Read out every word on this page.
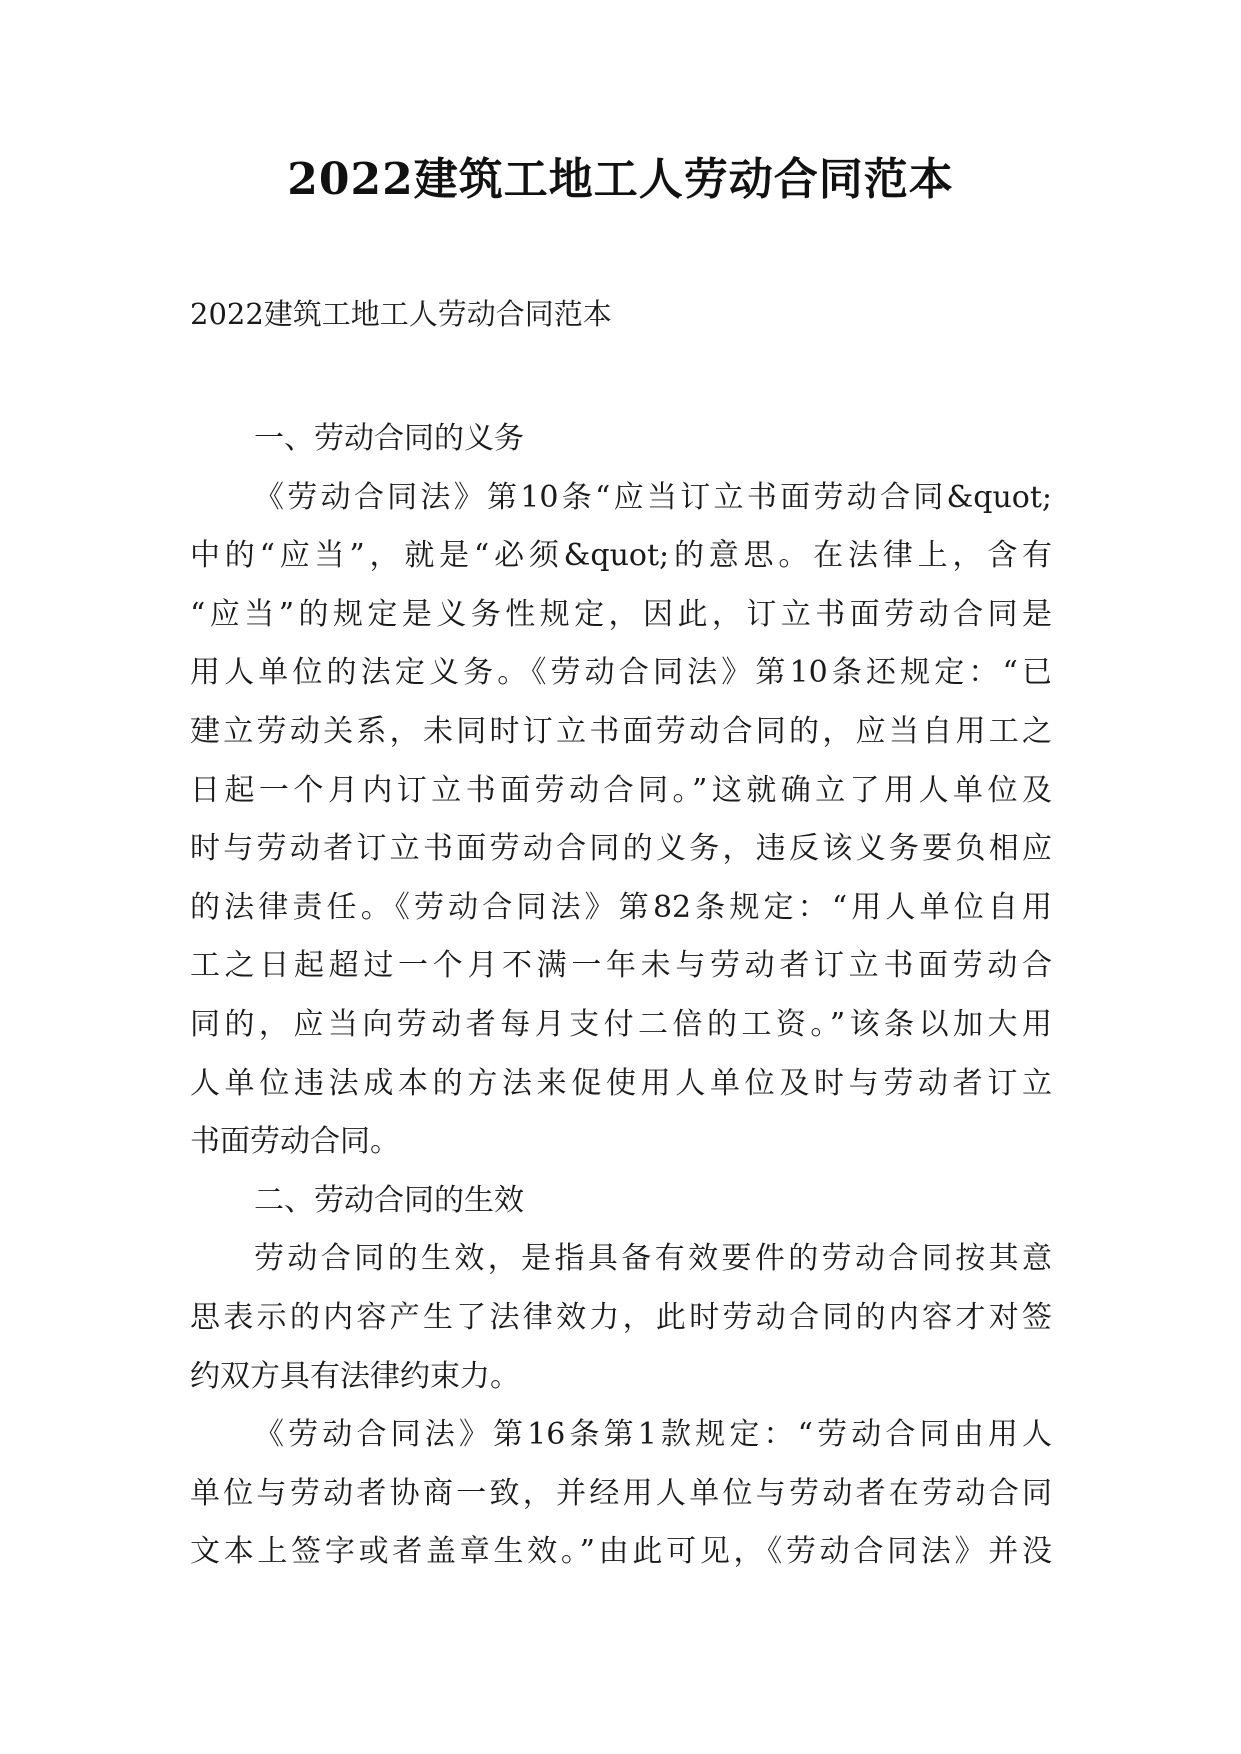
2022建筑工地工人劳动合同范本
2022建筑工地工人劳动合同范本
一、劳动合同的义务
《劳动合同法》第10条“应当订立书面劳动合同&quot;
中的“应当”，就是“必须&quot;的意思。在法律上，含有
“应当”的规定是义务性规定，因此，订立书面劳动合同是
用人单位的法定义务。《劳动合同法》第10条还规定：“已
建立劳动关系，未同时订立书面劳动合同的，应当自用工之
日起一个月内订立书面劳动合同。”这就确立了用人单位及
时与劳动者订立书面劳动合同的义务，违反该义务要负相应
的法律责任。《劳动合同法》第82条规定：“用人单位自用
工之日起超过一个月不满一年未与劳动者订立书面劳动合
同的，应当向劳动者每月支付二倍的工资。”该条以加大用
人单位违法成本的方法来促使用人单位及时与劳动者订立
书面劳动合同。
二、劳动合同的生效
劳动合同的生效，是指具备有效要件的劳动合同按其意
思表示的内容产生了法律效力，此时劳动合同的内容才对签
约双方具有法律约束力。
《劳动合同法》第16条第1款规定：“劳动合同由用人
单位与劳动者协商一致，并经用人单位与劳动者在劳动合同
文本上签字或者盖章生效。”由此可见，《劳动合同法》并没
